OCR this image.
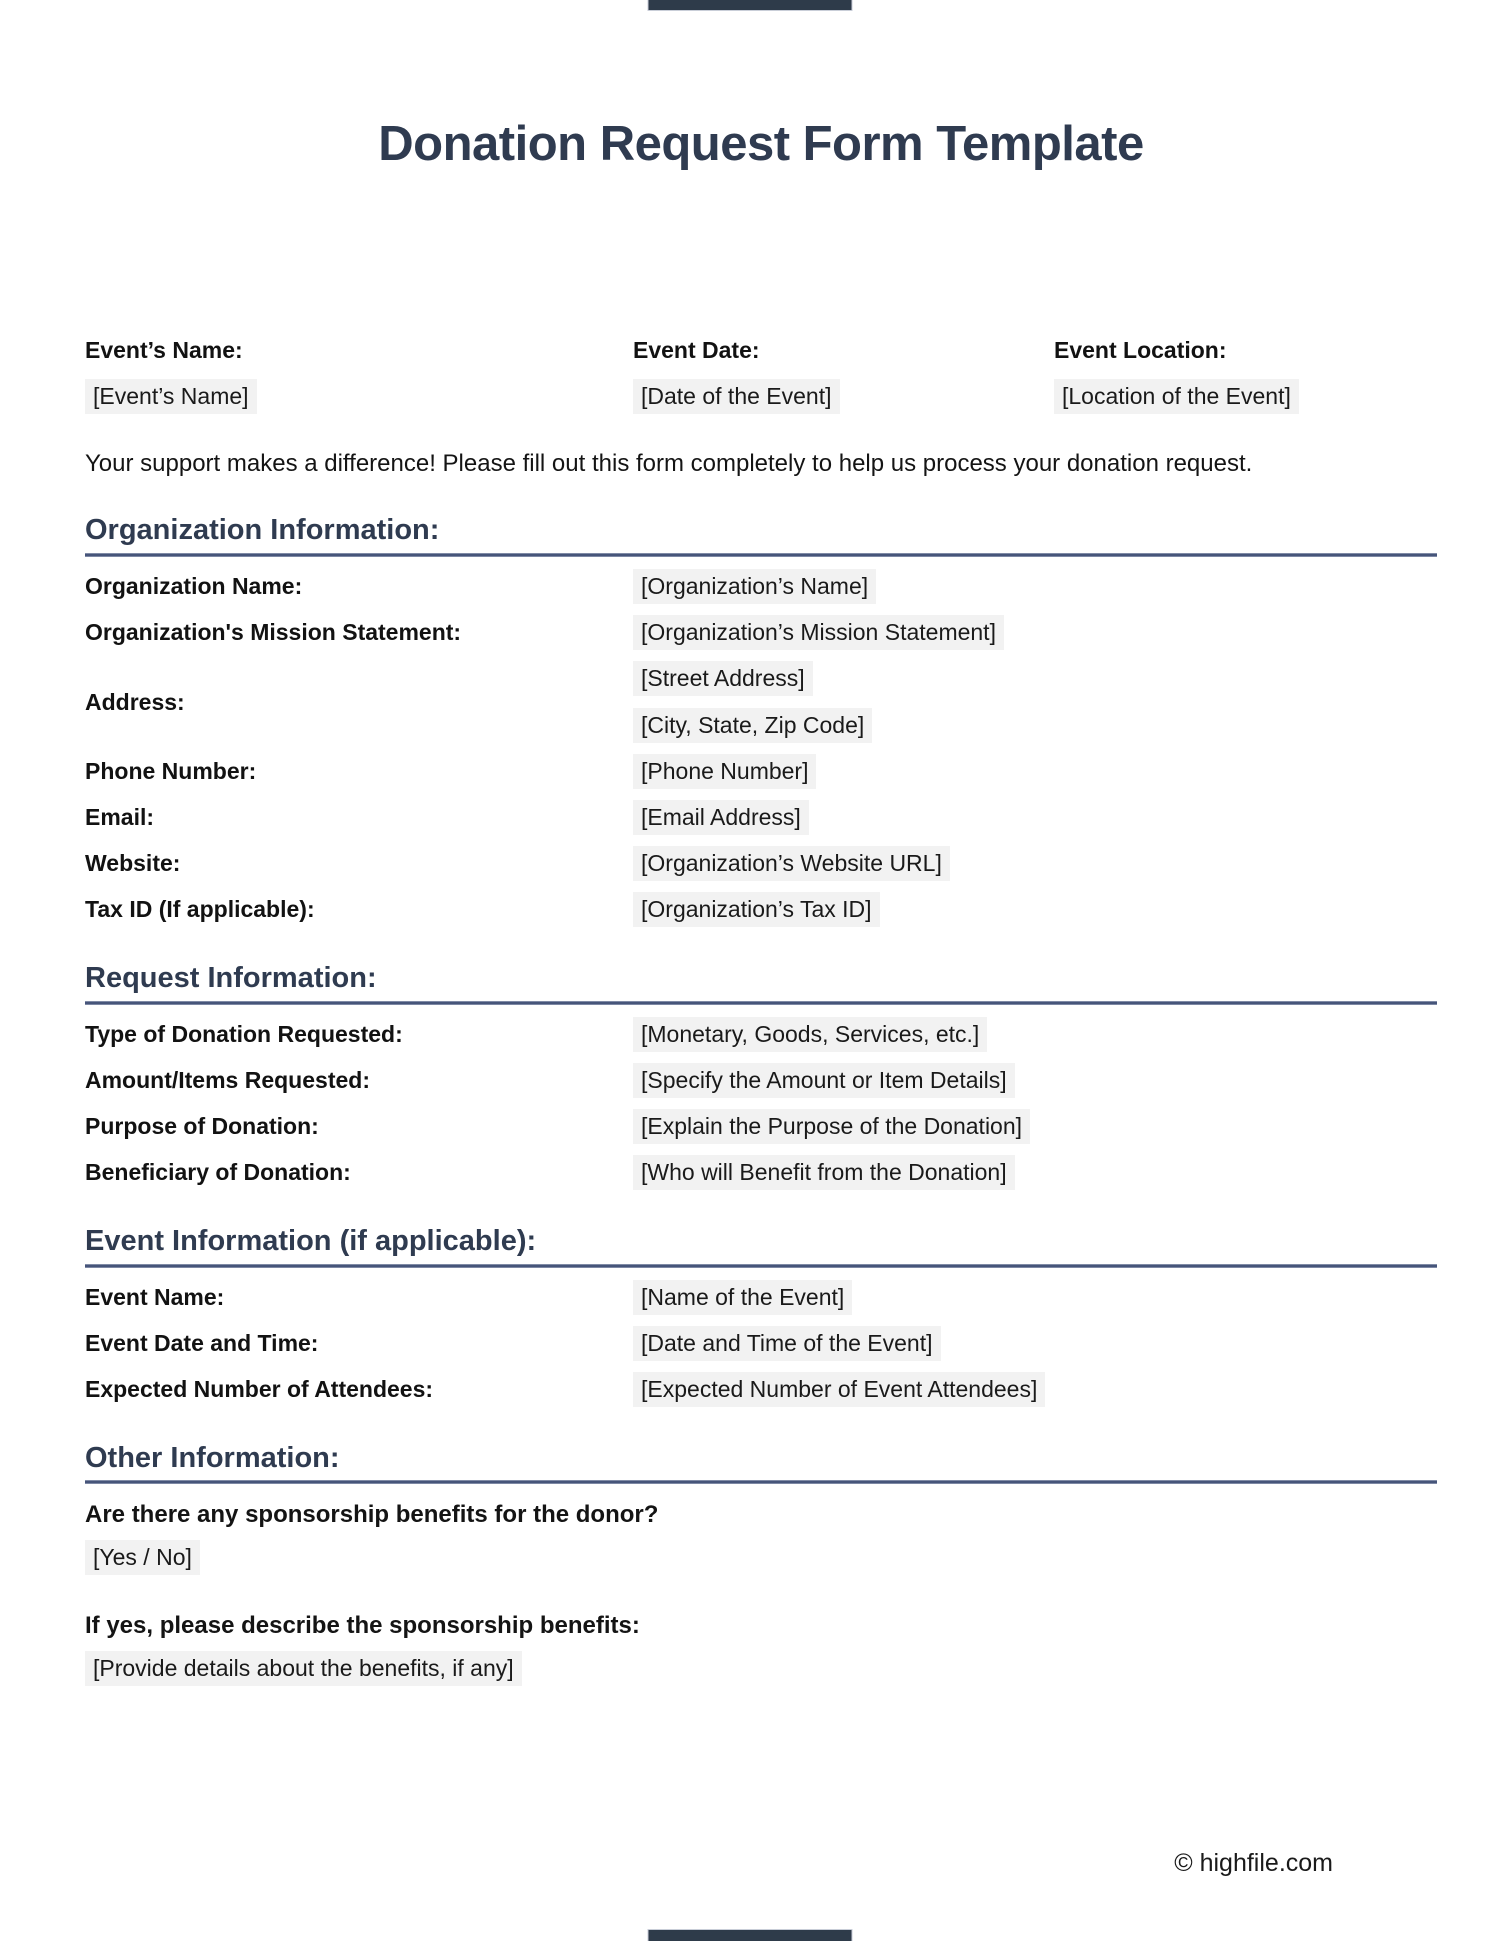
Donation Request Form Template
Event’s Name:
[Event’s Name]
Event Date:
[Date of the Event]
Event Location:
[Location of the Event]
Your support makes a difference! Please fill out this form completely to help us process your donation request.
Organization Information:
Organization Name:	[Organization’s Name]
Organization's Mission Statement:	[Organization’s Mission Statement]
Address:
[Street Address]
[City, State, Zip Code]
Phone Number:	[Phone Number]
Email:	[Email Address]
Website:	[Organization’s Website URL]
Tax ID (If applicable):	[Organization’s Tax ID]
Request Information:
Type of Donation Requested:	[Monetary, Goods, Services, etc.]
Amount/Items Requested:	[Specify the Amount or Item Details]
Purpose of Donation:	[Explain the Purpose of the Donation]
Beneficiary of Donation:	[Who will Benefit from the Donation]
Event Information (if applicable):
Event Name:	[Name of the Event]
Event Date and Time:	[Date and Time of the Event]
Expected Number of Attendees:	[Expected Number of Event Attendees]
Other Information:
Are there any sponsorship benefits for the donor?
[Yes / No]
If yes, please describe the sponsorship benefits:
[Provide details about the benefits, if any]
© highfile.com
